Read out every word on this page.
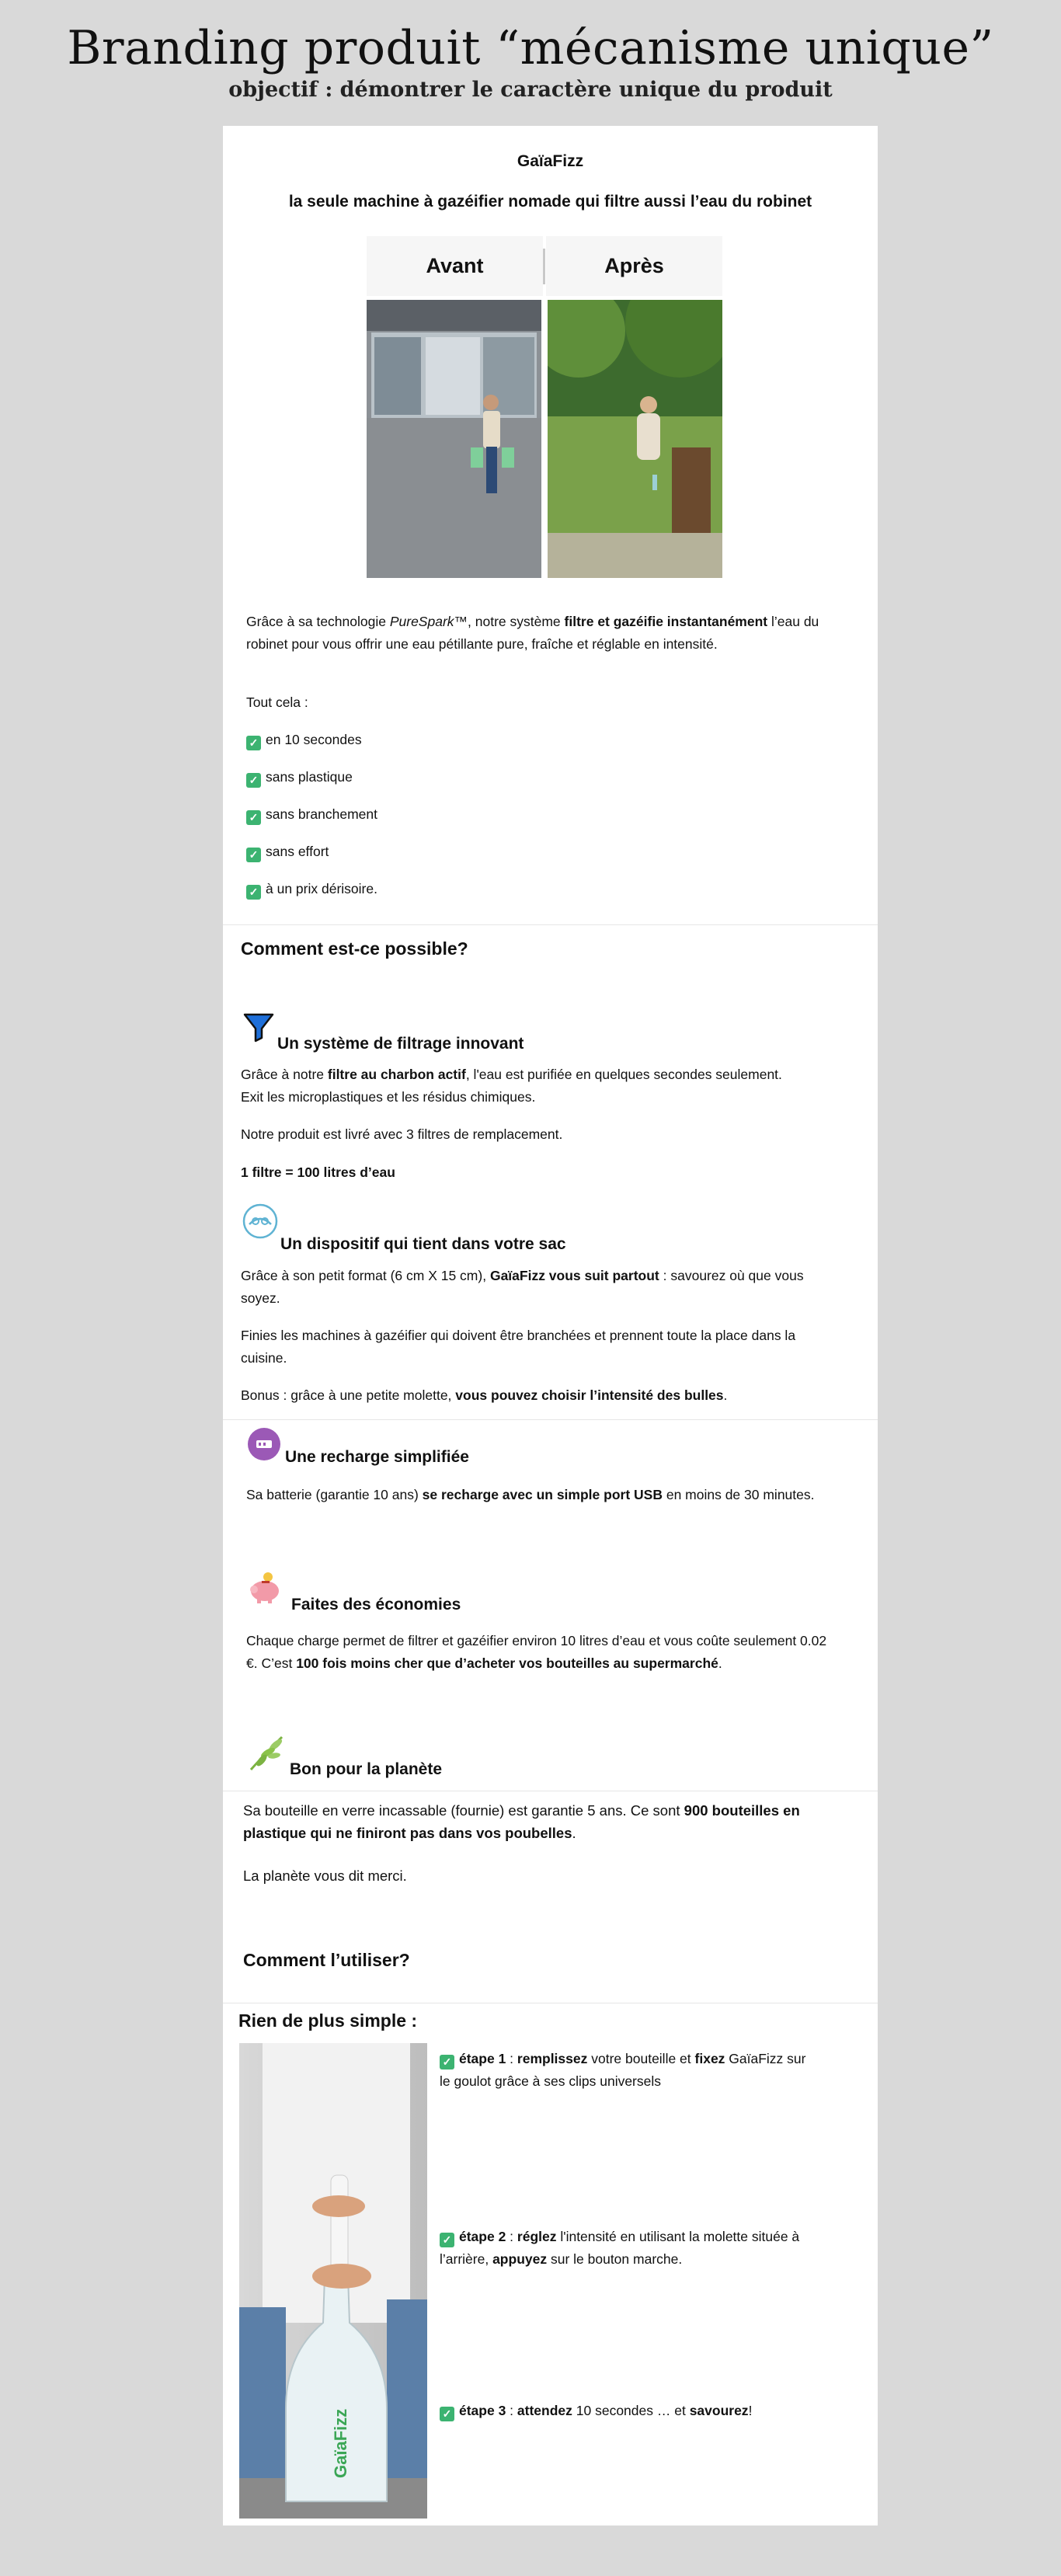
Branding produit “mécanisme unique”
objectif : démontrer le caractère unique du produit
GaïaFizz
la seule machine à gazéifier nomade qui filtre aussi l’eau du robinet
Avant	Après

Grâce à sa technologie PureSpark™, notre système filtre et gazéifie instantanément l’eau du robinet pour vous offrir une eau pétillante pure, fraîche et réglable en intensité.

Tout cela :
✓ en 10 secondes
✓ sans plastique
✓ sans branchement
✓ sans effort
✓ à un prix dérisoire.
Comment est-ce possible?
Un système de filtrage innovant

Grâce à notre filtre au charbon actif, l'eau est purifiée en quelques secondes seulement.
Exit les microplastiques et les résidus chimiques.

Notre produit est livré avec 3 filtres de remplacement.

1 filtre = 100 litres d’eau

Un dispositif qui tient dans votre sac

Grâce à son petit format (6 cm X 15 cm), GaïaFizz vous suit partout : savourez où que vous soyez.

Finies les machines à gazéifier qui doivent être branchées et prennent toute la place dans la cuisine.

Bonus : grâce à une petite molette, vous pouvez choisir l’intensité des bulles.

Une recharge simplifiée

Sa batterie (garantie 10 ans) se recharge avec un simple port USB en moins de 30 minutes.

Faites des économies

Chaque charge permet de filtrer et gazéifier environ 10 litres d’eau et vous coûte seulement 0.02 €. C’est 100 fois moins cher que d’acheter vos bouteilles au supermarché.

Bon pour la planète

Sa bouteille en verre incassable (fournie) est garantie 5 ans. Ce sont 900 bouteilles en plastique qui ne finiront pas dans vos poubelles.

La planète vous dit merci.

Comment l’utiliser?
Rien de plus simple :
GaïaFizz
✓ étape 1 : remplissez votre bouteille et fixez GaïaFizz sur le goulot grâce à ses clips universels
✓ étape 2 : réglez l'intensité en utilisant la molette située à l’arrière, appuyez sur le bouton marche.
✓ étape 3 : attendez 10 secondes … et savourez!
